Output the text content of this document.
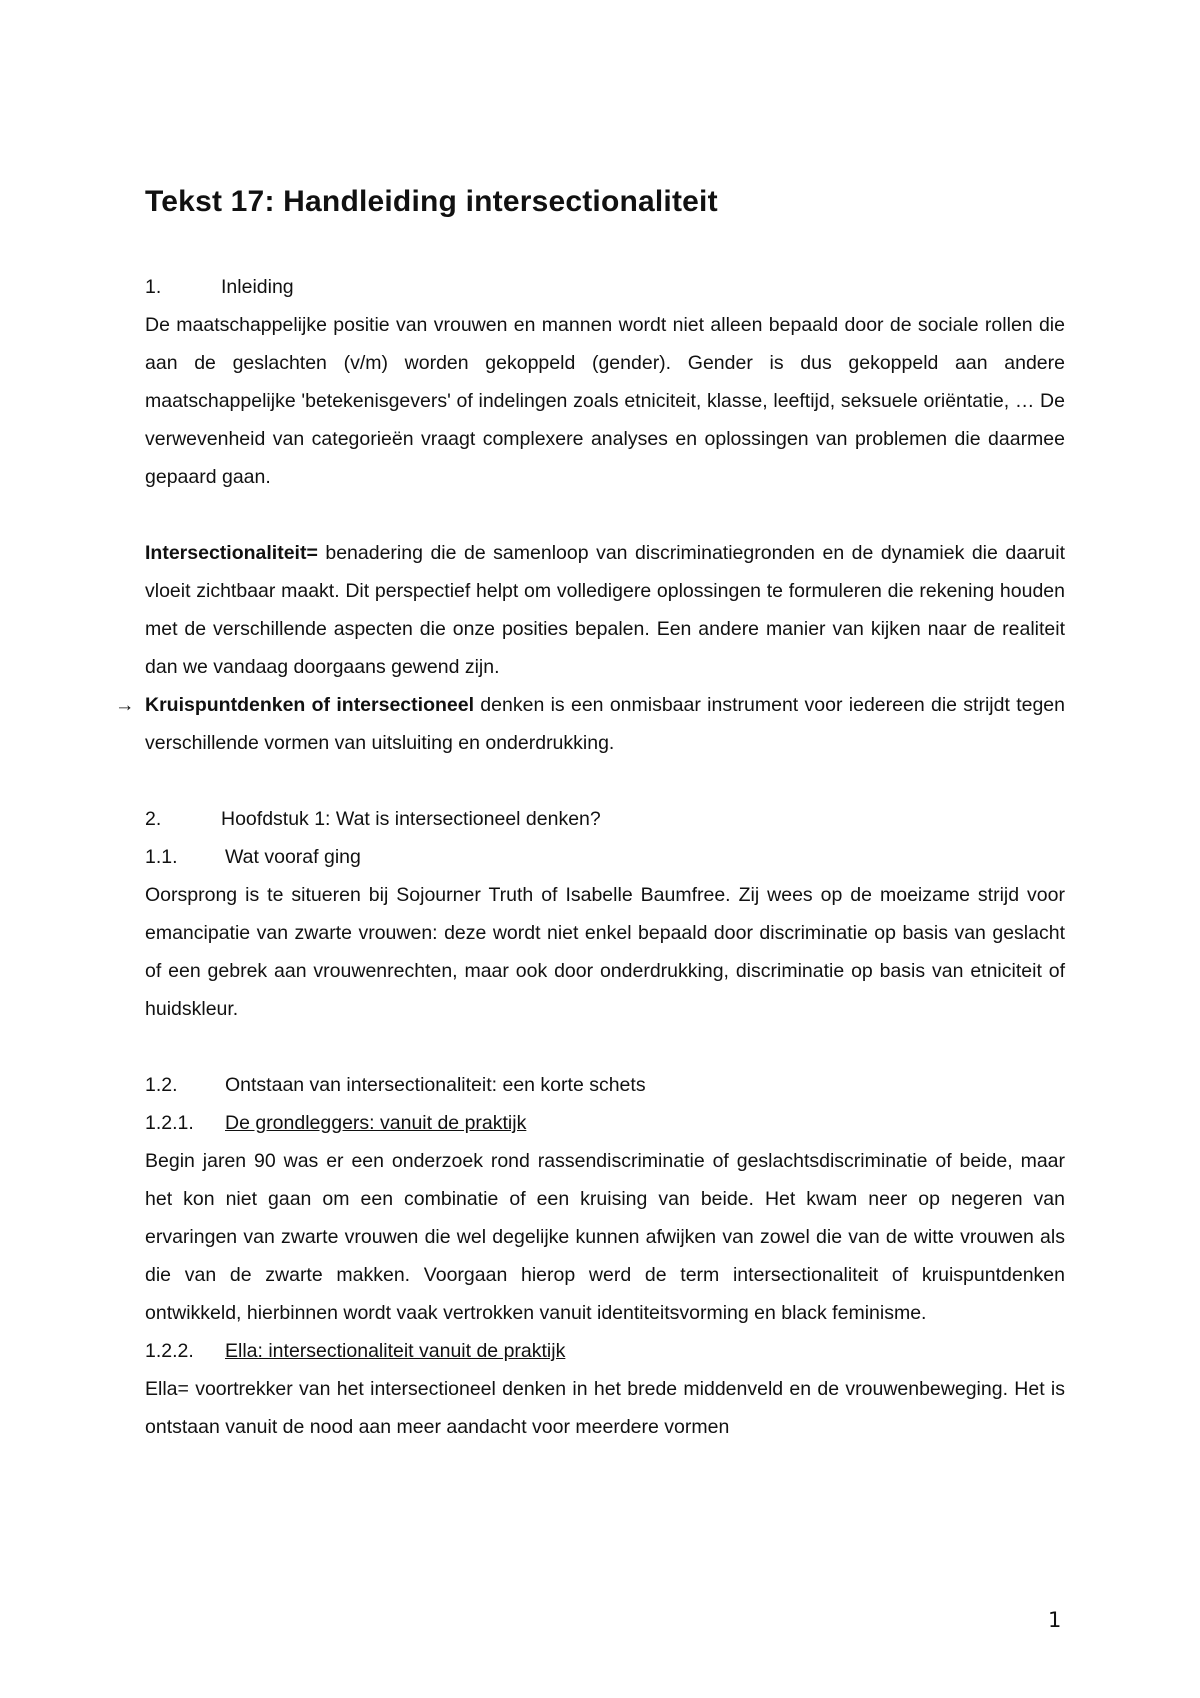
Tekst 17: Handleiding intersectionaliteit

1.	Inleiding

De maatschappelijke positie van vrouwen en mannen wordt niet alleen bepaald door de sociale rollen die aan de geslachten (v/m) worden gekoppeld (gender). Gender is dus gekoppeld aan andere maatschappelijke 'betekenisgevers' of indelingen zoals etniciteit, klasse, leeftijd, seksuele oriëntatie, … De verwevenheid van categorieën vraagt complexere analyses en oplossingen van problemen die daarmee gepaard gaan.

Intersectionaliteit= benadering die de samenloop van discriminatiegronden en de dynamiek die daaruit vloeit zichtbaar maakt. Dit perspectief helpt om volledigere oplossingen te formuleren die rekening houden met de verschillende aspecten die onze posities bepalen. Een andere manier van kijken naar de realiteit dan we vandaag doorgaans gewend zijn.

→ Kruispuntdenken of intersectioneel denken is een onmisbaar instrument voor iedereen die strijdt tegen verschillende vormen van uitsluiting en onderdrukking.

2.	Hoofdstuk 1: Wat is intersectioneel denken?

1.1. Wat vooraf ging

Oorsprong is te situeren bij Sojourner Truth of Isabelle Baumfree. Zij wees op de moeizame strijd voor emancipatie van zwarte vrouwen: deze wordt niet enkel bepaald door discriminatie op basis van geslacht of een gebrek aan vrouwenrechten, maar ook door onderdrukking, discriminatie op basis van etniciteit of huidskleur.

1.2. Ontstaan van intersectionaliteit: een korte schets

1.2.1. De grondleggers: vanuit de praktijk

Begin jaren 90 was er een onderzoek rond rassendiscriminatie of geslachtsdiscriminatie of beide, maar het kon niet gaan om een combinatie of een kruising van beide. Het kwam neer op negeren van ervaringen van zwarte vrouwen die wel degelijke kunnen afwijken van zowel die van de witte vrouwen als die van de zwarte makken. Voorgaan hierop werd de term intersectionaliteit of kruispuntdenken ontwikkeld, hierbinnen wordt vaak vertrokken vanuit identiteitsvorming en black feminisme.

1.2.2. Ella: intersectionaliteit vanuit de praktijk

Ella= voortrekker van het intersectioneel denken in het brede middenveld en de vrouwenbeweging. Het is ontstaan vanuit de nood aan meer aandacht voor meerdere vormen

1
